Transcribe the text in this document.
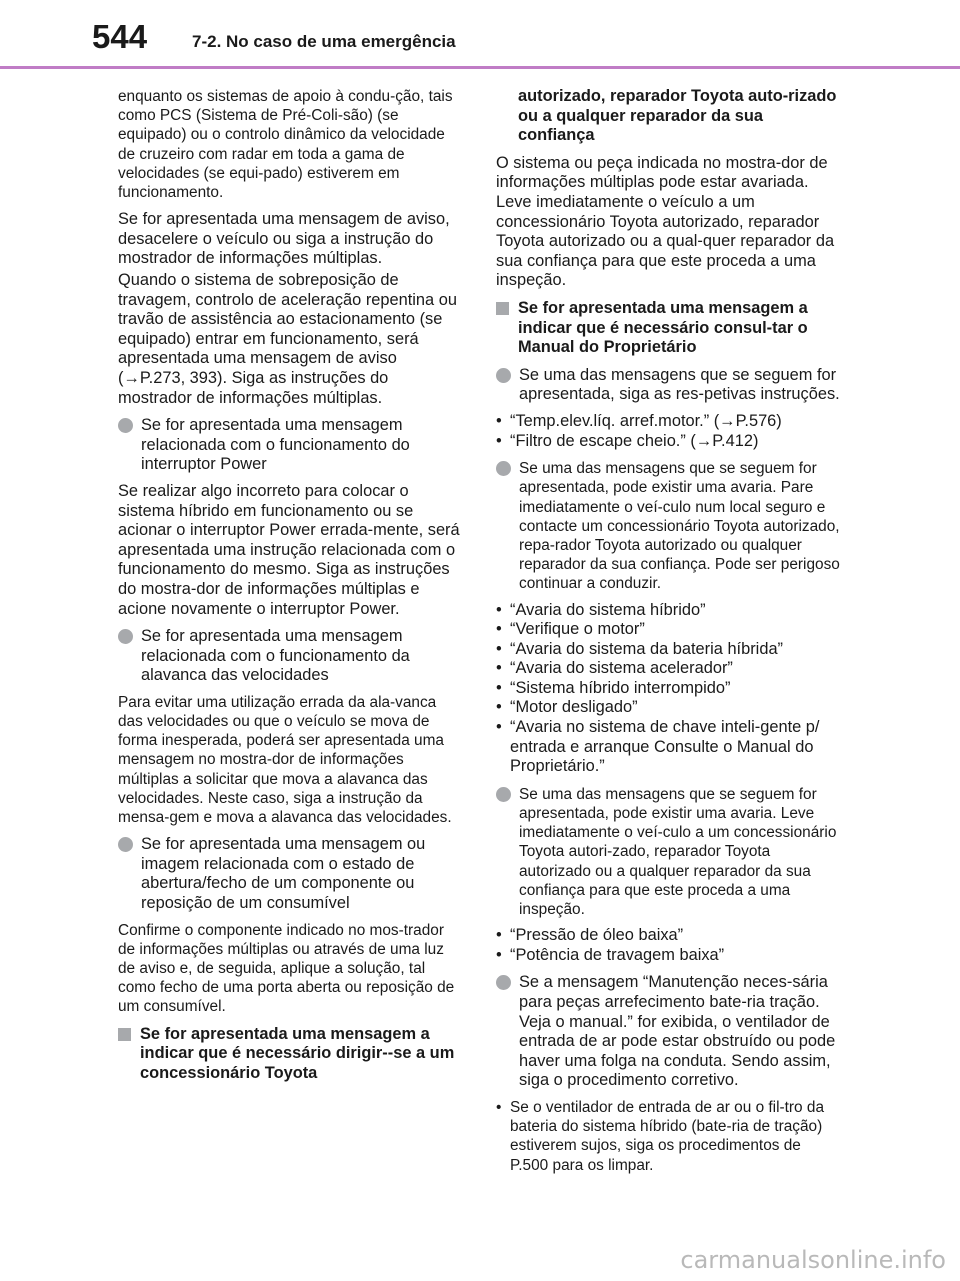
544	7-2. No caso de uma emergência

enquanto os sistemas de apoio à condu-ção, tais como PCS (Sistema de Pré-Coli-são) (se equipado) ou o controlo dinâmico da velocidade de cruzeiro com radar em toda a gama de velocidades (se equi-pado) estiverem em funcionamento.

Se for apresentada uma mensagem de aviso, desacelere o veículo ou siga a instrução do mostrador de informações múltiplas.

Quando o sistema de sobreposição de travagem, controlo de aceleração repentina ou travão de assistência ao estacionamento (se equipado) entrar em funcionamento, será apresentada uma mensagem de aviso (→P.273, 393). Siga as instruções do mostrador de informações múltiplas.

Se for apresentada uma mensagem relacionada com o funcionamento do interruptor Power

Se realizar algo incorreto para colocar o sistema híbrido em funcionamento ou se acionar o interruptor Power errada-mente, será apresentada uma instrução relacionada com o funcionamento do mesmo. Siga as instruções do mostra-dor de informações múltiplas e acione novamente o interruptor Power.

Se for apresentada uma mensagem relacionada com o funcionamento da alavanca das velocidades

Para evitar uma utilização errada da ala-vanca das velocidades ou que o veículo se mova de forma inesperada, poderá ser apresentada uma mensagem no mostra-dor de informações múltiplas a solicitar que mova a alavanca das velocidades. Neste caso, siga a instrução da mensa-gem e mova a alavanca das velocidades.

Se for apresentada uma mensagem ou imagem relacionada com o estado de abertura/fecho de um componente ou reposição de um consumível

Confirme o componente indicado no mos-trador de informações múltiplas ou através de uma luz de aviso e, de seguida, aplique a solução, tal como fecho de uma porta aberta ou reposição de um consumível.

Se for apresentada uma mensagem a indicar que é necessário dirigir--se a um concessionário Toyota
autorizado, reparador Toyota auto-rizado ou a qualquer reparador da sua confiança

O sistema ou peça indicada no mostra-dor de informações múltiplas pode estar avariada. Leve imediatamente o veículo a um concessionário Toyota autorizado, reparador Toyota autorizado ou a qual-quer reparador da sua confiança para que este proceda a uma inspeção.

Se for apresentada uma mensagem a indicar que é necessário consul-tar o Manual do Proprietário
Se uma das mensagens que se seguem for apresentada, siga as res-petivas instruções.
• “Temp.elev.líq. arref.motor.” (→P.576)
• “Filtro de escape cheio.” (→P.412)
Se uma das mensagens que se seguem for apresentada, pode existir uma avaria. Pare imediatamente o veí-culo num local seguro e contacte um concessionário Toyota autorizado, repa-rador Toyota autorizado ou qualquer reparador da sua confiança. Pode ser perigoso continuar a conduzir.
• “Avaria do sistema híbrido”
• “Verifique o motor”
• “Avaria do sistema da bateria híbrida”
• “Avaria do sistema acelerador”
• “Sistema híbrido interrompido”
• “Motor desligado”
• “Avaria no sistema de chave inteli-gente p/ entrada e arranque Consulte o Manual do Proprietário.”
Se uma das mensagens que se seguem for apresentada, pode existir uma avaria. Leve imediatamente o veí-culo a um concessionário Toyota autori-zado, reparador Toyota autorizado ou a qualquer reparador da sua confiança para que este proceda a uma inspeção.
• “Pressão de óleo baixa”
• “Potência de travagem baixa”
Se a mensagem “Manutenção neces-sária para peças arrefecimento bate-ria tração. Veja o manual.” for exibida, o ventilador de entrada de ar pode estar obstruído ou pode haver uma folga na conduta. Sendo assim, siga o procedimento corretivo.
• Se o ventilador de entrada de ar ou o fil-tro da bateria do sistema híbrido (bate-ria de tração) estiverem sujos, siga os procedimentos de P.500 para os limpar.
carmanualsonline.info
